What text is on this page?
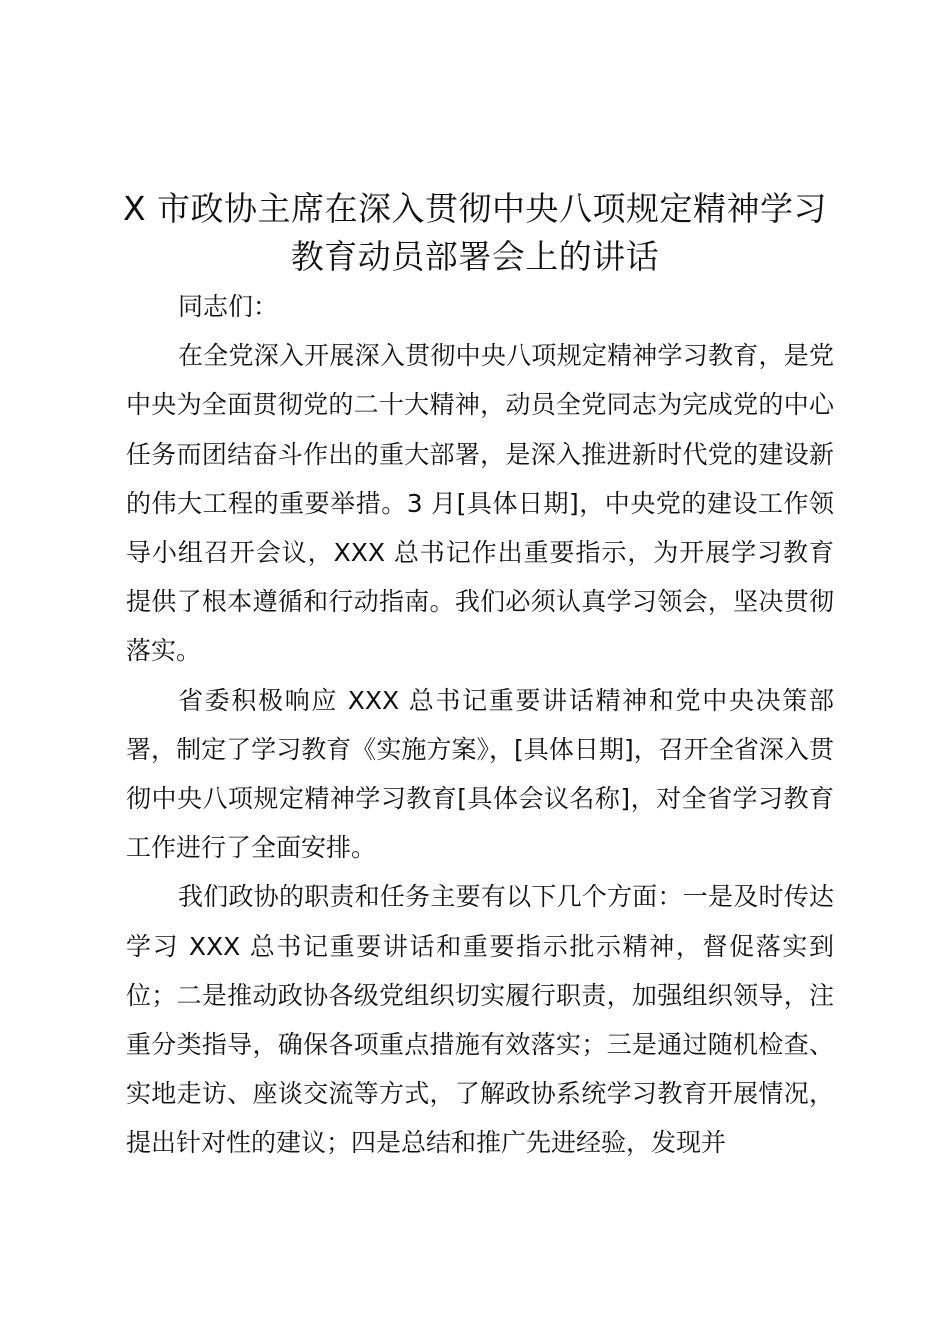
X 市政协主席在深入贯彻中央八项规定精神学习教育动员部署会上的讲话

同志们：

在全党深入开展深入贯彻中央八项规定精神学习教育，是党中央为全面贯彻党的二十大精神，动员全党同志为完成党的中心任务而团结奋斗作出的重大部署，是深入推进新时代党的建设新的伟大工程的重要举措。3 月[具体日期]，中央党的建设工作领导小组召开会议，XXX 总书记作出重要指示，为开展学习教育提供了根本遵循和行动指南。我们必须认真学习领会，坚决贯彻落实。

省委积极响应 XXX 总书记重要讲话精神和党中央决策部署，制定了学习教育《实施方案》，[具体日期]，召开全省深入贯彻中央八项规定精神学习教育[具体会议名称]，对全省学习教育工作进行了全面安排。

我们政协的职责和任务主要有以下几个方面：一是及时传达学习 XXX 总书记重要讲话和重要指示批示精神，督促落实到位；二是推动政协各级党组织切实履行职责，加强组织领导，注重分类指导，确保各项重点措施有效落实；三是通过随机检查、实地走访、座谈交流等方式，了解政协系统学习教育开展情况，提出针对性的建议；四是总结和推广先进经验，发现并
